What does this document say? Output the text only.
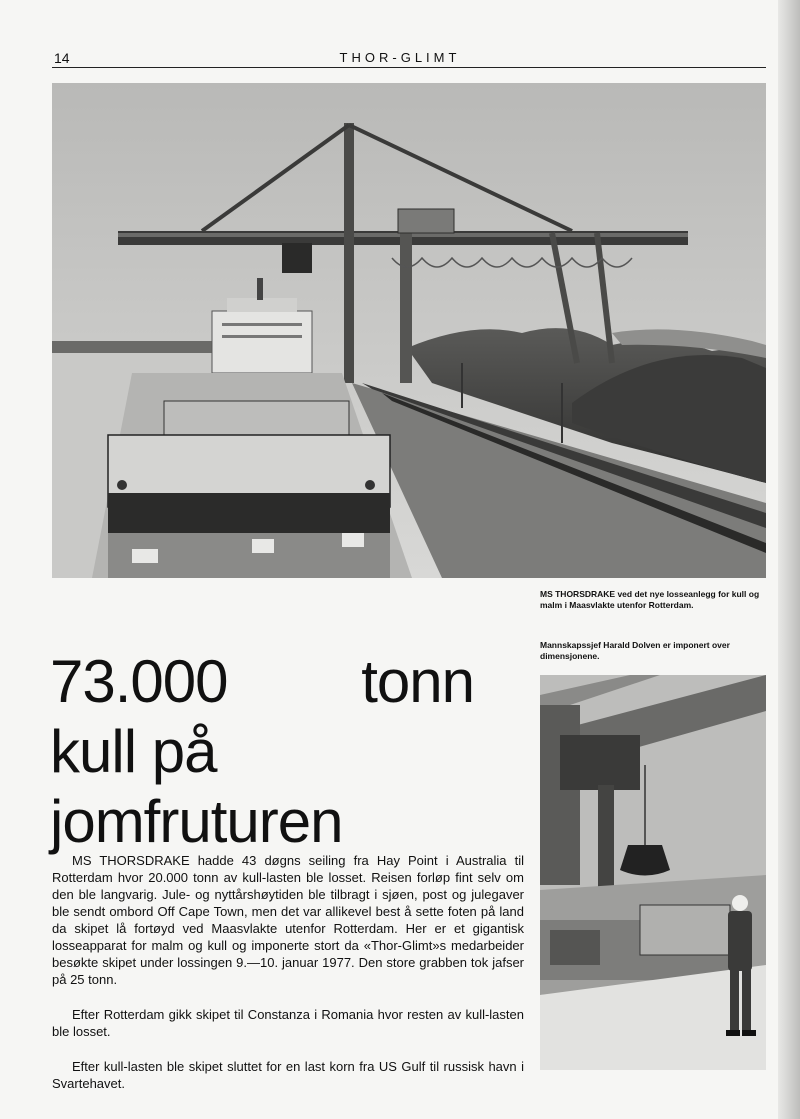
14	THOR-GLIMT
MS THORSDRAKE ved det nye losseanlegg for kull og malm i Maasvlakte utenfor Rotterdam.
Mannskapssjef Harald Dolven er imponert over dimensjonene.
73.000 tonn
kull på
jomfruturen

MS THORSDRAKE hadde 43 døgns seiling fra Hay Point i Australia til Rotterdam hvor 20.000 tonn av kull-lasten ble losset. Reisen forløp fint selv om den ble langvarig. Jule- og nyttårshøytiden ble tilbragt i sjøen, post og julegaver ble sendt ombord Off Cape Town, men det var allikevel best å sette foten på land da skipet lå fortøyd ved Maasvlakte utenfor Rotterdam. Her er et gigantisk losseapparat for malm og kull og imponerte stort da «Thor-Glimt»s medarbeider besøkte skipet under lossingen 9.—10. januar 1977. Den store grabben tok jafser på 25 tonn.

Efter Rotterdam gikk skipet til Constanza i Romania hvor resten av kull-lasten ble losset.

Efter kull-lasten ble skipet sluttet for en last korn fra US Gulf til russisk havn i Svartehavet.
